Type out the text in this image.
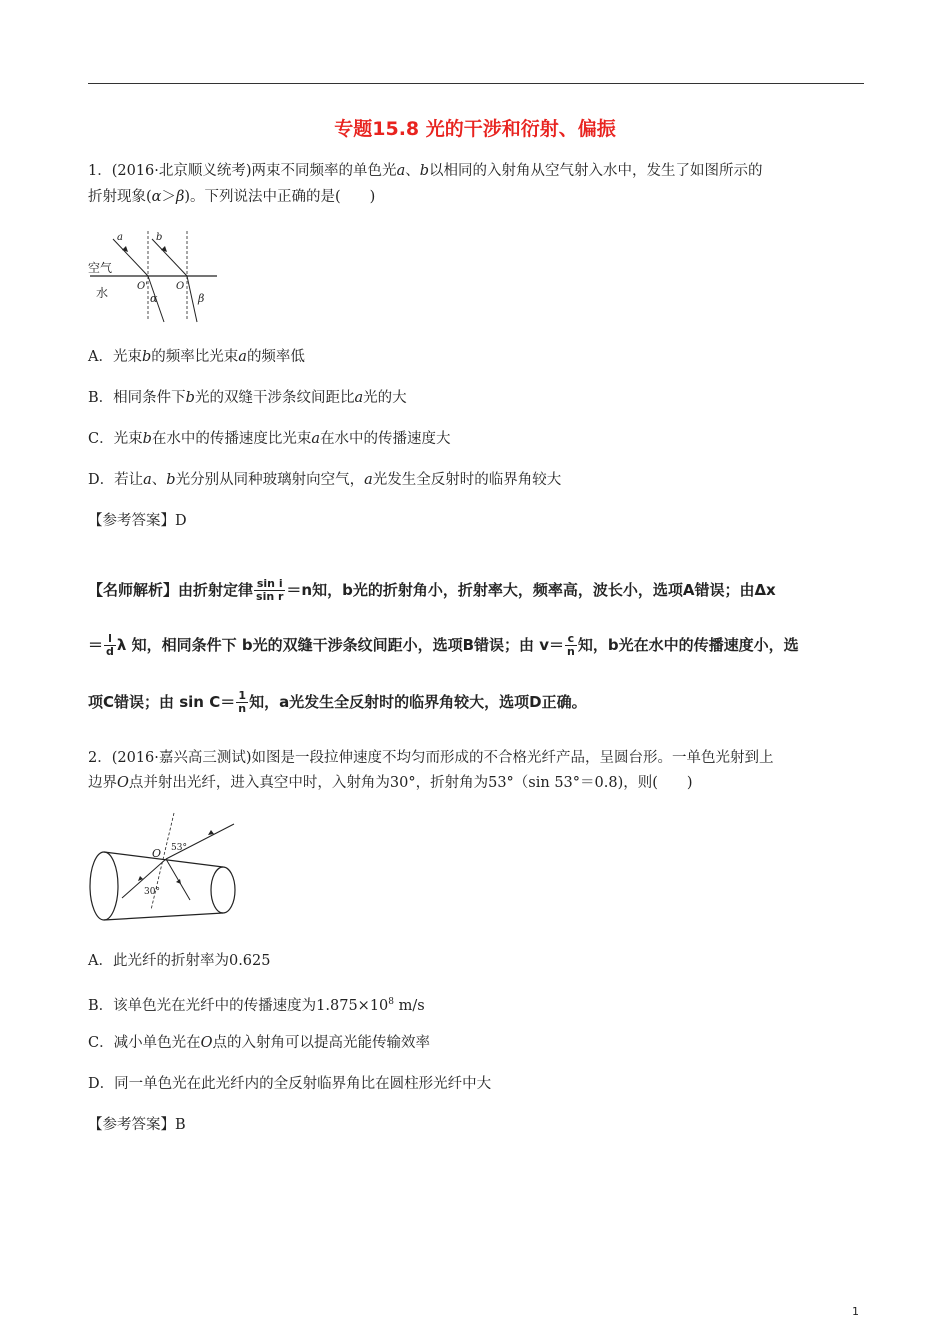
专题15.8 光的干涉和衍射、偏振
1．(2016·北京顺义统考)两束不同频率的单色光a、b以相同的入射角从空气射入水中，发生了如图所示的
折射现象(α＞β)。下列说法中正确的是(　　)
空气
水
a	b
O'	O
α	β
A．光束b的频率比光束a的频率低
B．相同条件下b光的双缝干涉条纹间距比a光的大
C．光束b在水中的传播速度比光束a在水中的传播速度大
D．若让a、b光分别从同种玻璃射向空气，a光发生全反射时的临界角较大
【参考答案】D
【名师解析】由折射定律 $\frac{\text{sin i}}{\text{sin r}} =n$知，b光的折射角小，折射率大，频率高，波长小，选项A错误；由Δx
＝ $\frac{l}{d}$ λ 知，相同条件下 b光的双缝干涉条纹间距小，选项B错误；由 $v= \frac{c}{n}$ 知，b光在水中的传播速度小，选
项C错误；由 $\sin C= \frac{1}{n}$ 知，a光发生全反射时的临界角较大，选项D正确。
2．(2016·嘉兴高三测试)如图是一段拉伸速度不均匀而形成的不合格光纤产品，呈圆台形。一单色光射到上
边界O点并射出光纤，进入真空中时，入射角为30°，折射角为53°（sin 53°＝0.8)，则(　　)
O 53°
30°
A．此光纤的折射率为0.625
B．该单色光在光纤中的传播速度为$1.875\times 10^8$ m/s
C．减小单色光在O点的入射角可以提高光能传输效率
D．同一单色光在此光纤内的全反射临界角比在圆柱形光纤中大
【参考答案】B
1
